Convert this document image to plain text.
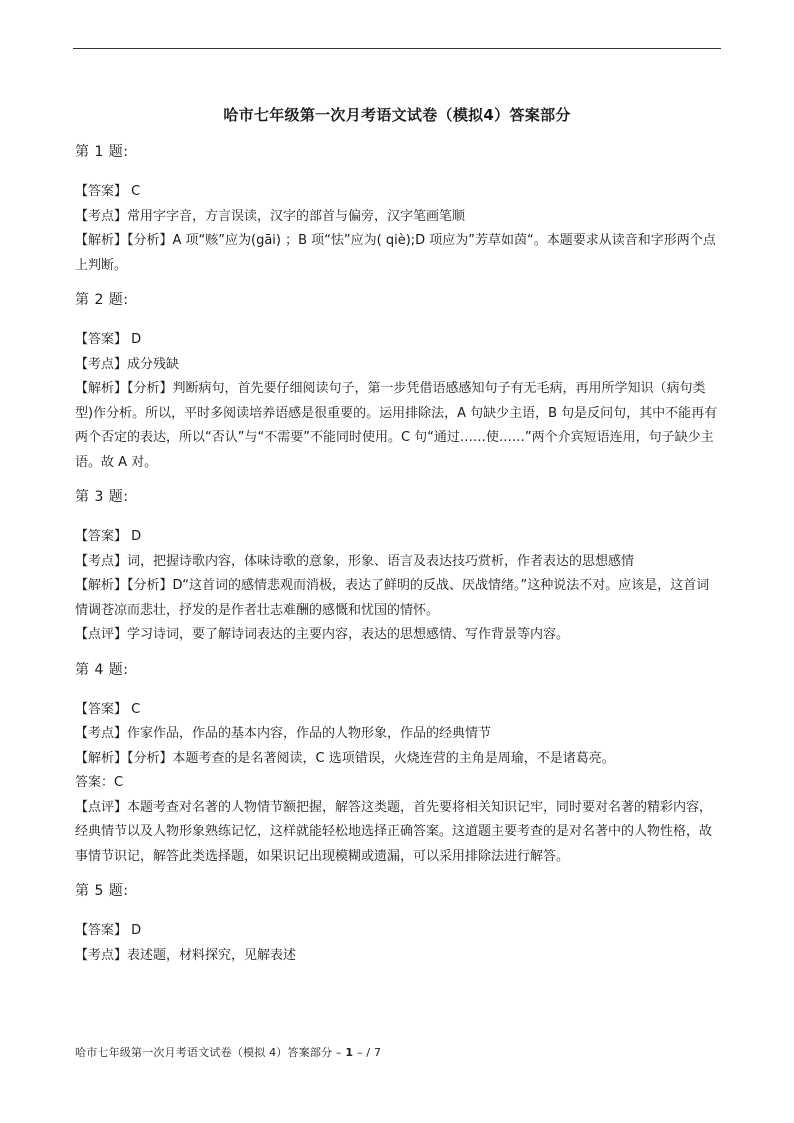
哈市七年级第一次月考语文试卷（模拟4）答案部分
第 1 题:
【答案】 C
【考点】常用字字音，方言误读，汉字的部首与偏旁，汉字笔画笔顺
【解析】【分析】A 项“赅”应为(gāi) ；B 项“怯”应为( qiè);D 项应为”芳草如茵“。本题要求从读音和字形两个点上判断。
第 2 题:
【答案】 D
【考点】成分残缺
【解析】【分析】判断病句，首先要仔细阅读句子，第一步凭借语感感知句子有无毛病，再用所学知识（病句类型)作分析。所以，平时多阅读培养语感是很重要的。运用排除法，A 句缺少主语，B 句是反问句，其中不能再有两个否定的表达，所以“否认”与“不需要”不能同时使用。C 句“通过……使……”两个介宾短语连用，句子缺少主语。故 A 对。
第 3 题:
【答案】 D
【考点】词，把握诗歌内容，体味诗歌的意象，形象、语言及表达技巧赏析，作者表达的思想感情
【解析】【分析】D“这首词的感情悲观而消极，表达了鲜明的反战、厌战情绪。”这种说法不对。应该是，这首词情调苍凉而悲壮，抒发的是作者壮志难酬的感慨和忧国的情怀。
【点评】学习诗词，要了解诗词表达的主要内容，表达的思想感情、写作背景等内容。
第 4 题:
【答案】 C
【考点】作家作品，作品的基本内容，作品的人物形象，作品的经典情节
【解析】【分析】本题考查的是名著阅读，C 选项错误，火烧连营的主角是周瑜，不是诸葛亮。
答案：C
【点评】本题考查对名著的人物情节额把握，解答这类题，首先要将相关知识记牢，同时要对名著的精彩内容，经典情节以及人物形象熟练记忆，这样就能轻松地选择正确答案。这道题主要考查的是对名著中的人物性格，故事情节识记，解答此类选择题，如果识记出现模糊或遗漏，可以采用排除法进行解答。
第 5 题:
【答案】 D
【考点】表述题，材料探究，见解表述
哈市七年级第一次月考语文试卷（模拟 4）答案部分 – 1 – / 7
